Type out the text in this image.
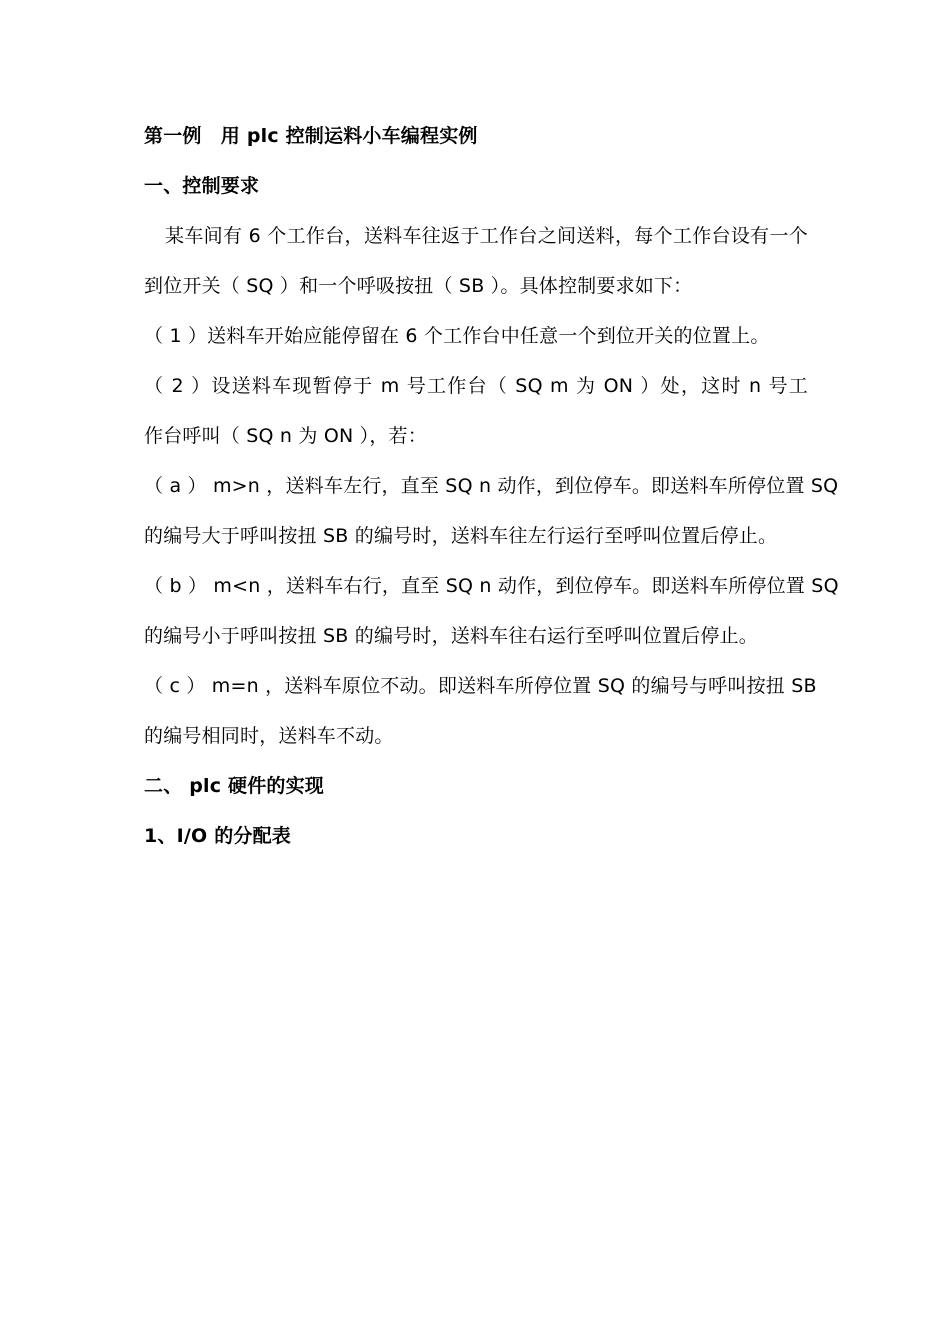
第一例　用 plc 控制运料小车编程实例
一、控制要求
某车间有 6 个工作台，送料车往返于工作台之间送料，每个工作台设有一个
到位开关（ SQ ）和一个呼吸按扭（ SB ）。具体控制要求如下：
（ 1 ）送料车开始应能停留在 6 个工作台中任意一个到位开关的位置上。
（ 2 ）设送料车现暂停于 m 号工作台（ SQ m 为 ON ）处，这时 n 号工
作台呼叫（ SQ n 为 ON ），若：
（ a ） m>n ，送料车左行，直至 SQ n 动作，到位停车。即送料车所停位置 SQ
的编号大于呼叫按扭 SB 的编号时，送料车往左行运行至呼叫位置后停止。
（ b ） m<n ，送料车右行，直至 SQ n 动作，到位停车。即送料车所停位置 SQ
的编号小于呼叫按扭 SB 的编号时，送料车往右运行至呼叫位置后停止。
（ c ） m=n ，送料车原位不动。即送料车所停位置 SQ 的编号与呼叫按扭 SB
的编号相同时，送料车不动。
二、 plc 硬件的实现
1、I/O 的分配表
